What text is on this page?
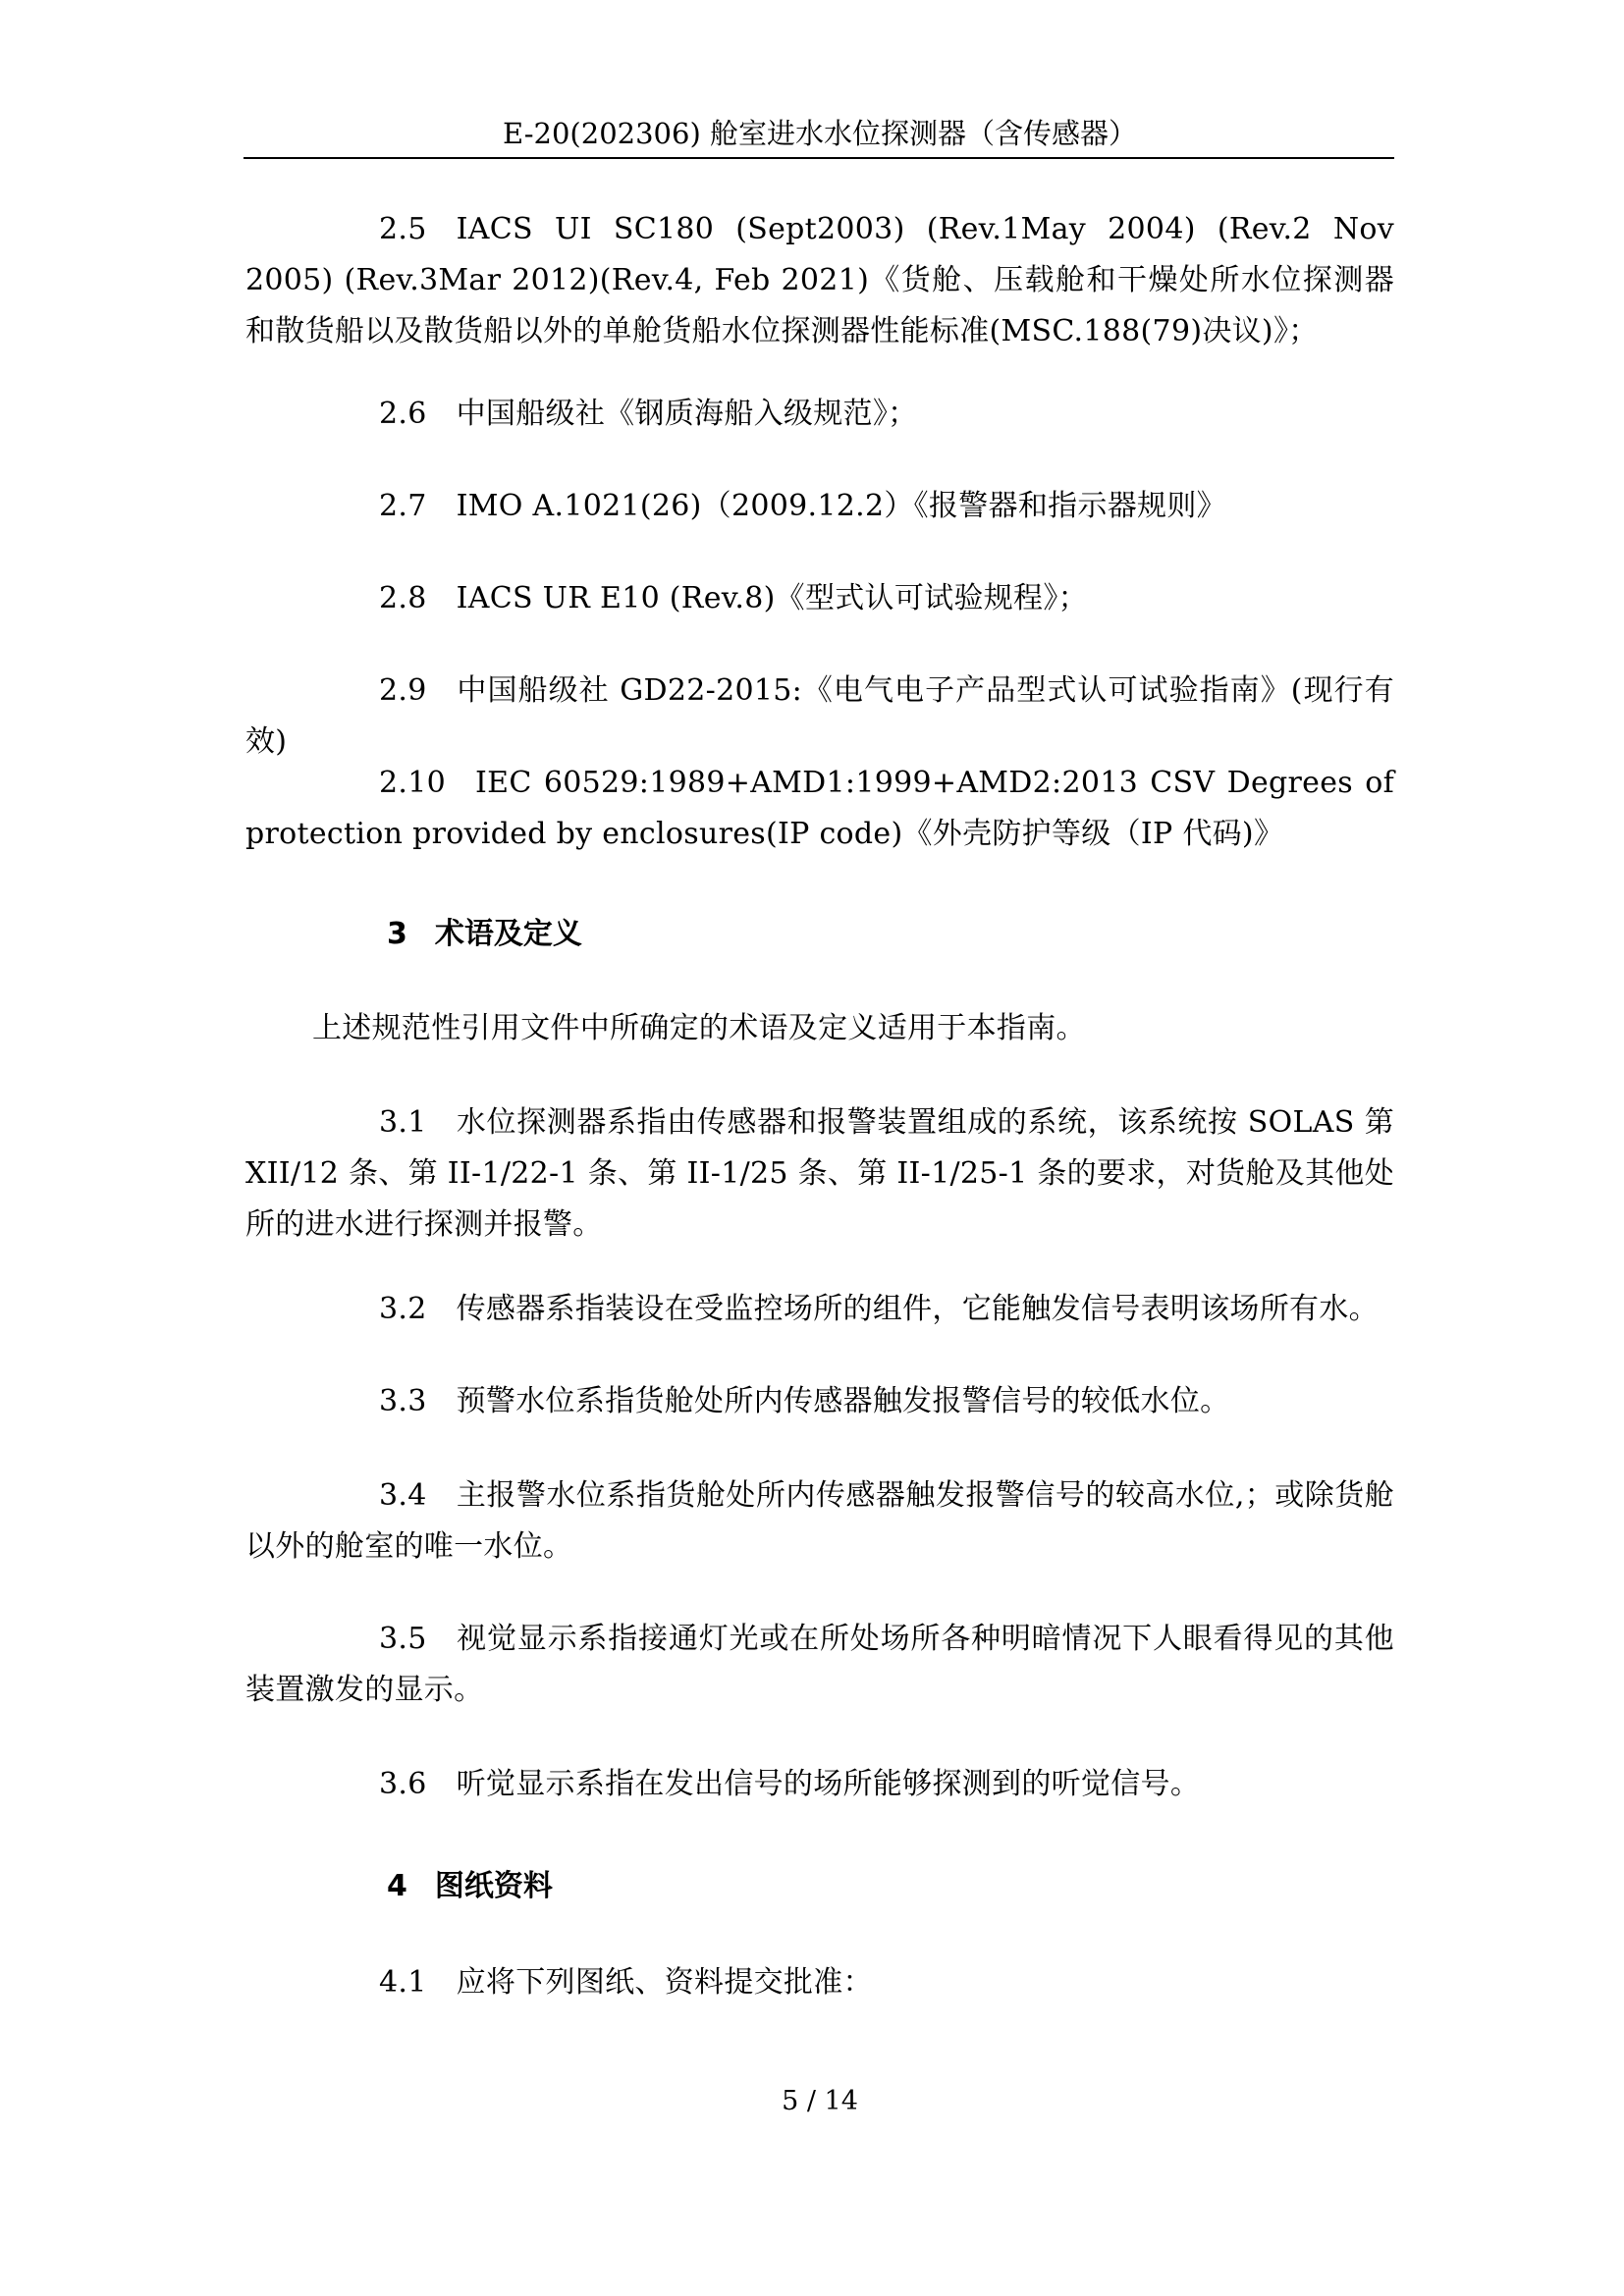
E-20(202306) 舱室进水水位探测器（含传感器）
2.5 IACS UI SC180 (Sept2003) (Rev.1May 2004) (Rev.2 Nov 2005) (Rev.3Mar 2012)(Rev.4, Feb 2021)《货舱、压载舱和干燥处所水位探测器和散货船以及散货船以外的单舱货船水位探测器性能标准(MSC.188(79)决议)》；
2.6 中国船级社《钢质海船入级规范》；
2.7 IMO A.1021(26)（2009.12.2）《报警器和指示器规则》
2.8 IACS UR E10 (Rev.8)《型式认可试验规程》；
2.9 中国船级社 GD22-2015:《电气电子产品型式认可试验指南》(现行有效)
2.10 IEC 60529:1989+AMD1:1999+AMD2:2013 CSV Degrees of protection provided by enclosures(IP code)《外壳防护等级（IP 代码)》
3 术语及定义
上述规范性引用文件中所确定的术语及定义适用于本指南。
3.1 水位探测器系指由传感器和报警装置组成的系统，该系统按 SOLAS 第 XII/12 条、第 II-1/22-1 条、第 II-1/25 条、第 II-1/25-1 条的要求，对货舱及其他处所的进水进行探测并报警。
3.2 传感器系指装设在受监控场所的组件，它能触发信号表明该场所有水。
3.3 预警水位系指货舱处所内传感器触发报警信号的较低水位。
3.4 主报警水位系指货舱处所内传感器触发报警信号的较高水位,；或除货舱以外的舱室的唯一水位。
3.5 视觉显示系指接通灯光或在所处场所各种明暗情况下人眼看得见的其他装置激发的显示。
3.6 听觉显示系指在发出信号的场所能够探测到的听觉信号。
4 图纸资料
4.1 应将下列图纸、资料提交批准：
5 / 14
